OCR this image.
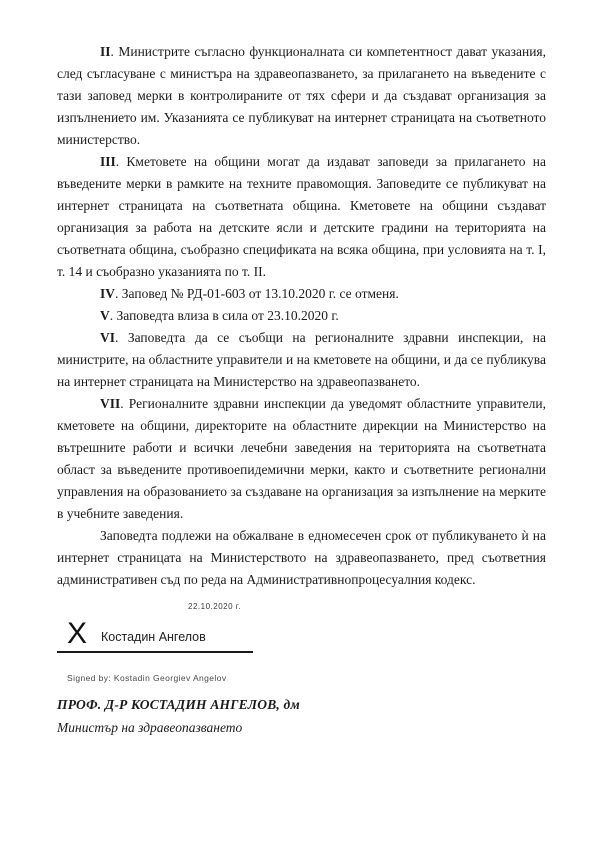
II. Министрите съгласно функционалната си компетентност дават указания, след съгласуване с министъра на здравеопазването, за прилагането на въведените с тази заповед мерки в контролираните от тях сфери и да създават организация за изпълнението им. Указанията се публикуват на интернет страницата на съответното министерство.

III. Кметовете на общини могат да издават заповеди за прилагането на въведените мерки в рамките на техните правомощия. Заповедите се публикуват на интернет страницата на съответната община. Кметовете на общини създават организация за работа на детските ясли и детските градини на територията на съответната община, съобразно спецификата на всяка община, при условията на т. I, т. 14 и съобразно указанията по т. II.

IV. Заповед № РД-01-603 от 13.10.2020 г. се отменя.

V. Заповедта влиза в сила от 23.10.2020 г.

VI. Заповедта да се съобщи на регионалните здравни инспекции, на министрите, на областните управители и на кметовете на общини, и да се публикува на интернет страницата на Министерство на здравеопазването.

VII. Регионалните здравни инспекции да уведомят областните управители, кметовете на общини, директорите на областните дирекции на Министерство на вътрешните работи и всички лечебни заведения на територията на съответната област за въведените противоепидемични мерки, както и съответните регионални управления на образованието за създаване на организация за изпълнение на мерките в учебните заведения.

Заповедта подлежи на обжалване в едномесечен срок от публикуването ѝ на интернет страницата на Министерството на здравеопазването, пред съответния административен съд по реда на Административнопроцесуалния кодекс.

22.10.2020 г.
X Костадин Ангелов
Signed by: Kostadin Georgiev Angelov

ПРОФ. Д-Р КОСТАДИН АНГЕЛОВ, дм

Министър на здравеопазването
